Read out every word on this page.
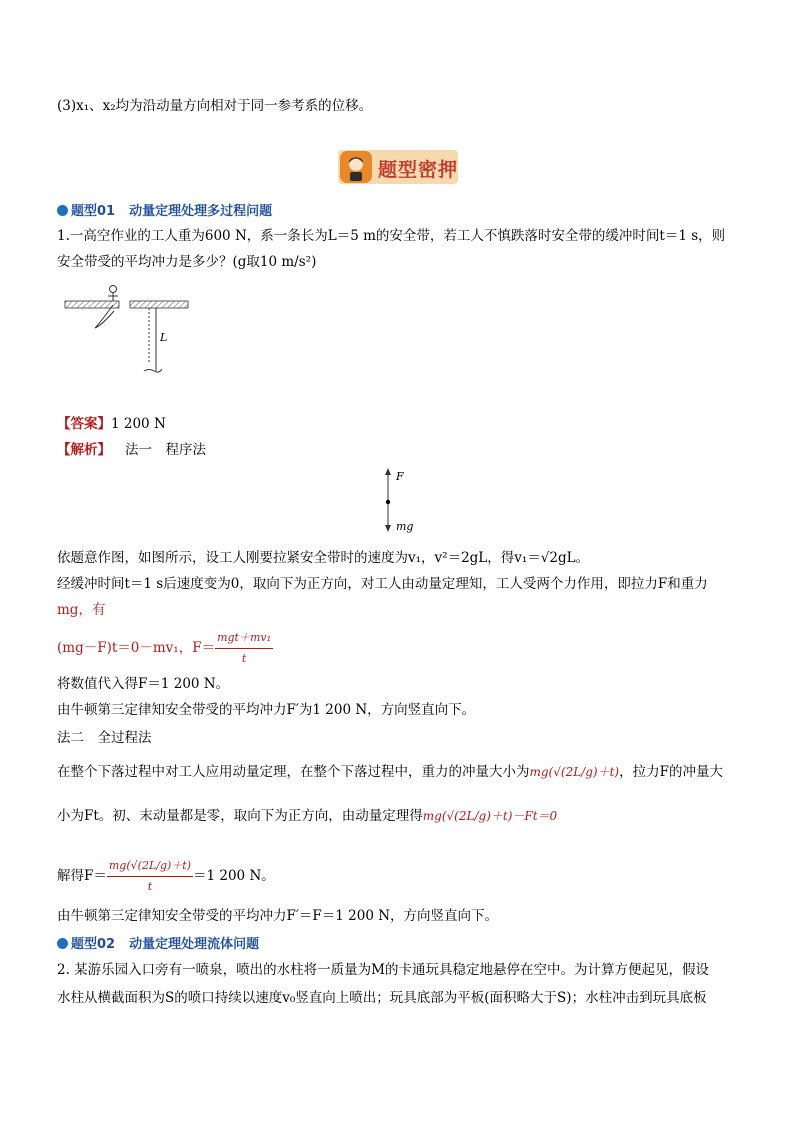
(3)x₁、x₂均为沿动量方向相对于同一参考系的位移。
题型密押
题型01 动量定理处理多过程问题
1.一高空作业的工人重为600 N，系一条长为L＝5 m的安全带，若工人不慎跌落时安全带的缓冲时间t＝1 s，则
安全带受的平均冲力是多少？(g取10 m/s²)
L
【答案】1 200 N
【解析】 法一　程序法
F
mg
依题意作图，如图所示，设工人刚要拉紧安全带时的速度为v₁，v²＝2gL，得v₁＝√2gL。
经缓冲时间t＝1 s后速度变为0，取向下为正方向，对工人由动量定理知，工人受两个力作用，即拉力F和重力
mg，有
(mg－F)t＝0－mv₁，$F= \frac{\text{mgt＋mv₁}}{t}$
将数值代入得F＝1 200 N。
由牛顿第三定律知安全带受的平均冲力F′为1 200 N，方向竖直向下。
法二　全过程法
在整个下落过程中对工人应用动量定理，在整个下落过程中，重力的冲量大小为mg(√(2L/g)＋t)，拉力F的冲量大
小为Ft。初、末动量都是零，取向下为正方向，由动量定理得mg(√(2L/g)＋t)－Ft＝0
解得$F= \frac{mg(√(2L/g)+t)}{t} =1$ 200 N。
由牛顿第三定律知安全带受的平均冲力F′＝F＝1 200 N，方向竖直向下。
题型02 动量定理处理流体问题
2. 某游乐园入口旁有一喷泉，喷出的水柱将一质量为M的卡通玩具稳定地悬停在空中。为计算方便起见，假设
水柱从横截面积为S的喷口持续以速度v₀竖直向上喷出；玩具底部为平板(面积略大于S)；水柱冲击到玩具底板
